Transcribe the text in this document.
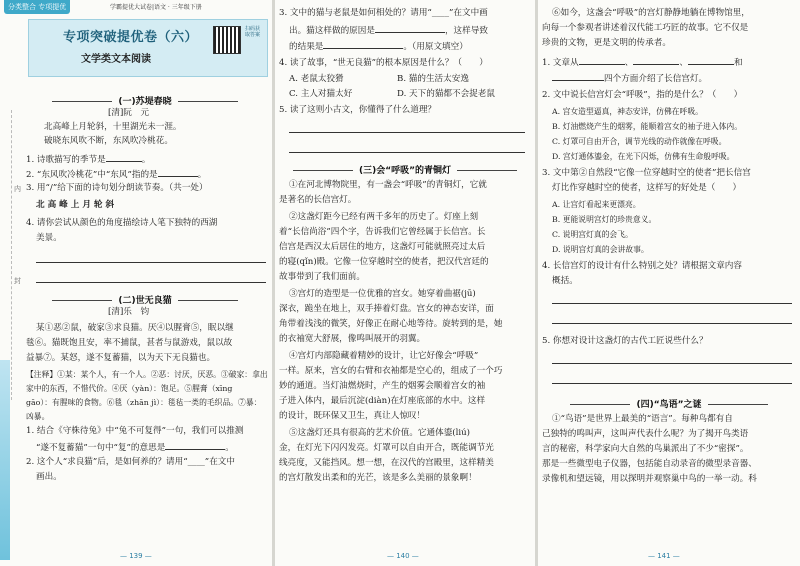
内
封
分类整合 专项提优	学霸提优大试卷|语文 · 三年级下册
专项突破提优卷（六）
文学类文本阅读
扫码获取答案
(一)苏堤春晓
[清]阮　元
北高峰上月轮斜，十里湖光未一涯。
破晓东风吹不断，东风吹冷桃花。
1. 诗歌描写的季节是	。
2. “东风吹冷桃花”中“东风”指的是	。
3. 用“/”给下面的诗句划分朗读节奏。（共一处）
北 高 峰 上 月 轮 斜
4. 请你尝试从颜色的角度描绘诗人笔下独特的西湖
美景。
(二)世无良猫
[清]乐　钧
某①恶②鼠，破家③求良猫。厌④以腥膏⑤，眠以继
毯⑥。猫既饱且安，率不捕鼠，甚者与鼠游戏，鼠以故
益暴⑦。某怒，遂不复蓄猫，以为天下无良猫也。
【注释】①某：某个人，有一个人。②恶：讨厌，厌恶。③破家：拿出
家中的东西，不惜代价。④厌（yàn）：饱足。⑤腥膏（xīng
gāo）：有腥味的食物。⑥毯（zhān jì）：毯毡一类的毛织品。⑦暴：
凶暴。
1. 结合《守株待兔》中“兔不可复得”一句，我们可以推测
“遂不复蓄猫”一句中“复”的意思是	。
2. 这个人“求良猫”后，是如何养的？请用“____”在文中
画出。
— 139 —
3. 文中的猫与老鼠是如何相处的？请用“____”在文中画
出。猫这样做的原因是	，这样导致
的结果是	。（用原文填空）
4. 读了故事，“世无良猫”的根本原因是什么？（　　）
A. 老鼠太狡猾	B. 猫的生活太安逸
C. 主人对猫太好	D. 天下的猫都不会捉老鼠
5. 读了这则小古文，你懂得了什么道理？
(三)会“呼吸”的青铜灯
①在河北博物院里，有一盏会“呼吸”的青铜灯，它就
是著名的长信宫灯。
②这盏灯距今已经有两千多年的历史了。灯座上刻
着“长信尚浴”四个字，告诉我们它曾经属于长信宫。长
信宫是西汉太后居住的地方，这盏灯可能就照亮过太后
的寝(qǐn)殿。它像一位穿越时空的使者，把汉代宫廷的
故事带到了我们面前。
③宫灯的造型是一位优雅的宫女。她穿着曲裾(jū)
深衣，跪坐在地上，双手捧着灯盘。宫女的神态安详，面
角带着浅浅的微笑，好像正在耐心地等待。旋转到的是，她
的衣袖宽大舒展，像鸣叫展开的羽翼。
④宫灯内部隐藏着精妙的设计，让它好像会“呼吸”
一样。原来，宫女的右臂和衣袖都是空心的，组成了一个巧
妙的通道。当灯油燃烧时，产生的烟雾会顺着宫女的袖
子进入体内，最后沉淀(diàn)在灯座底部的水中。这样
的设计，既环保又卫生，真让人惊叹！
⑤这盏灯还具有很高的艺术价值。它通体鎏(liú)
金，在灯光下闪闪发亮。灯罩可以自由开合，既能调节光
线亮度，又能挡风。想一想，在汉代的宫殿里，这样精美
的宫灯散发出柔和的光芒，该是多么美丽的景象啊！
— 140 —
⑥如今，这盏会“呼吸”的宫灯静静地躺在博物馆里，
向每一个参观者讲述着汉代能工巧匠的故事。它不仅是
珍贵的文物，更是文明的传承者。
1. 文章从	、	、	和
四个方面介绍了长信宫灯。
2. 文中说长信宫灯会“呼吸”，指的是什么？（　　）
A. 宫女造型逼真，神态安详，仿佛在呼吸。
B. 灯油燃烧产生的烟雾，能顺着宫女的袖子进入体内。
C. 灯罩可自由开合，调节光线的动作就像在呼吸。
D. 宫灯通体鎏金，在光下闪烁，仿佛有生命般呼吸。
3. 文中第②自然段“它像一位穿越时空的使者”把长信宫
灯比作穿越时空的使者，这样写的好处是（　　）
A. 让宫灯看起来更漂亮。
B. 更能说明宫灯的珍贵意义。
C. 说明宫灯真的会飞。
D. 说明宫灯真的会讲故事。
4. 长信宫灯的设计有什么特别之处？请根据文章内容
概括。
5. 你想对设计这盏灯的古代工匠说些什么？
(四)“鸟语”之谜
①“鸟语”是世界上最美的“语言”。每种鸟都有自
己独特的鸣叫声，这叫声代表什么呢？为了揭开鸟类语
言的秘密，科学家向大自然的鸟巢派出了不少“密探”。
那是一些微型电子仪器，包括能自动录音的微型录音器、
录像机和望远镜，用以探明并观察巢中鸟的一举一动。科
— 141 —
